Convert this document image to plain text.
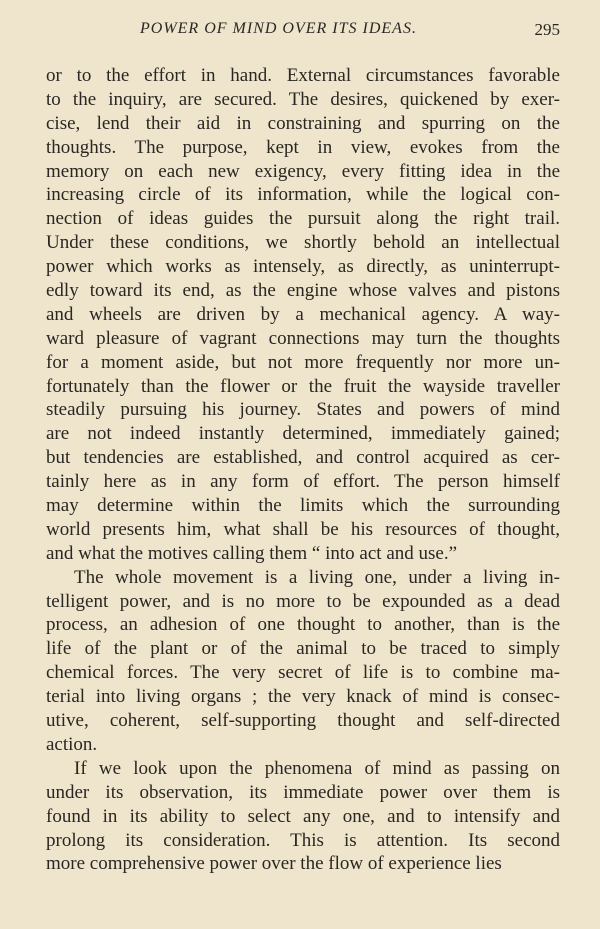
POWER OF MIND OVER ITS IDEAS.	295
or to the effort in hand. External circumstances favorable
to the inquiry, are secured. The desires, quickened by exer-
cise, lend their aid in constraining and spurring on the
thoughts. The purpose, kept in view, evokes from the
memory on each new exigency, every fitting idea in the
increasing circle of its information, while the logical con-
nection of ideas guides the pursuit along the right trail.
Under these conditions, we shortly behold an intellectual
power which works as intensely, as directly, as uninterrupt-
edly toward its end, as the engine whose valves and pistons
and wheels are driven by a mechanical agency. A way-
ward pleasure of vagrant connections may turn the thoughts
for a moment aside, but not more frequently nor more un-
fortunately than the flower or the fruit the wayside traveller
steadily pursuing his journey. States and powers of mind
are not indeed instantly determined, immediately gained;
but tendencies are established, and control acquired as cer-
tainly here as in any form of effort. The person himself
may determine within the limits which the surrounding
world presents him, what shall be his resources of thought,
and what the motives calling them “ into act and use.”
The whole movement is a living one, under a living in-
telligent power, and is no more to be expounded as a dead
process, an adhesion of one thought to another, than is the
life of the plant or of the animal to be traced to simply
chemical forces. The very secret of life is to combine ma-
terial into living organs ; the very knack of mind is consec-
utive, coherent, self-supporting thought and self-directed
action.
If we look upon the phenomena of mind as passing on
under its observation, its immediate power over them is
found in its ability to select any one, and to intensify and
prolong its consideration. This is attention. Its second
more comprehensive power over the flow of experience lies
